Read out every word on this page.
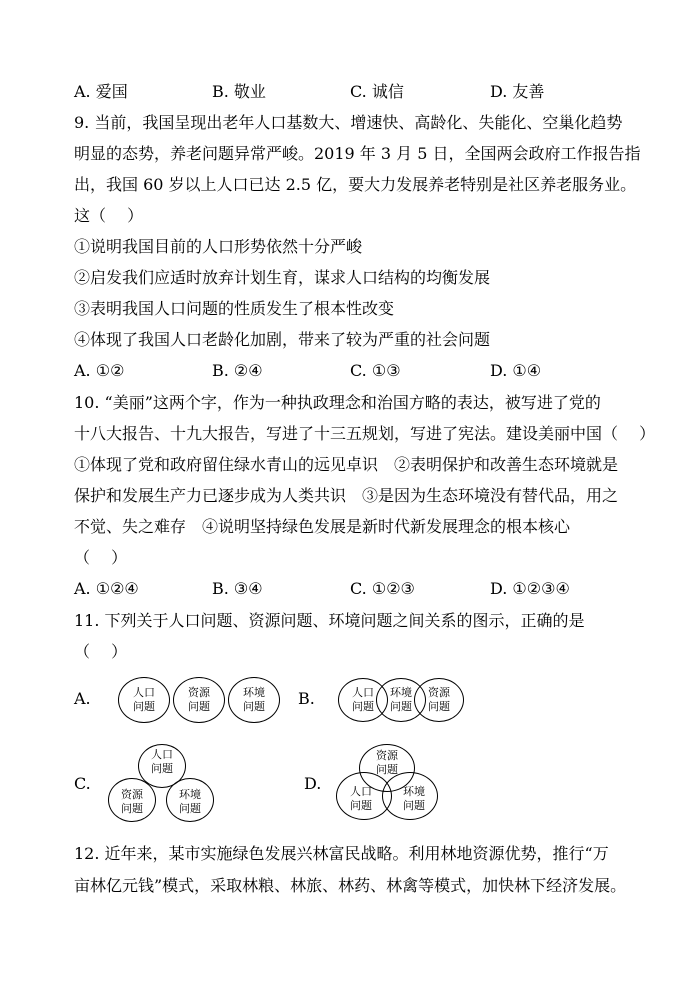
A. 爱国	B. 敬业	C. 诚信	D. 友善
9. 当前，我国呈现出老年人口基数大、增速快、高龄化、失能化、空巢化趋势
明显的态势，养老问题异常严峻。2019 年 3 月 5 日，全国两会政府工作报告指
出，我国 60 岁以上人口已达 2.5 亿，要大力发展养老特别是社区养老服务业。
这（　 ）
①说明我国目前的人口形势依然十分严峻
②启发我们应适时放弃计划生育，谋求人口结构的均衡发展
③表明我国人口问题的性质发生了根本性改变
④体现了我国人口老龄化加剧，带来了较为严重的社会问题
A. ①②	B. ②④	C. ①③	D. ①④
10. “美丽”这两个字，作为一种执政理念和治国方略的表达，被写进了党的
十八大报告、十九大报告，写进了十三五规划，写进了宪法。建设美丽中国（　 ）
①体现了党和政府留住绿水青山的远见卓识　②表明保护和改善生态环境就是
保护和发展生产力已逐步成为人类共识　③是因为生态环境没有替代品，用之
不觉、失之难存　④说明坚持绿色发展是新时代新发展理念的根本核心
（　 ）
A. ①②④	B. ③④	C. ①②③	D. ①②③④
11. 下列关于人口问题、资源问题、环境问题之间关系的图示，正确的是
（　 ）
A.	人口问题
资源问题
环境问题	B.	人口问题
环境问题
资源问题
C.
人口问题
资源问题
环境问题
D.
资源问题
人口问题
环境问题
12. 近年来，某市实施绿色发展兴林富民战略。利用林地资源优势，推行“万
亩林亿元钱”模式，采取林粮、林旅、林药、林禽等模式，加快林下经济发展。
